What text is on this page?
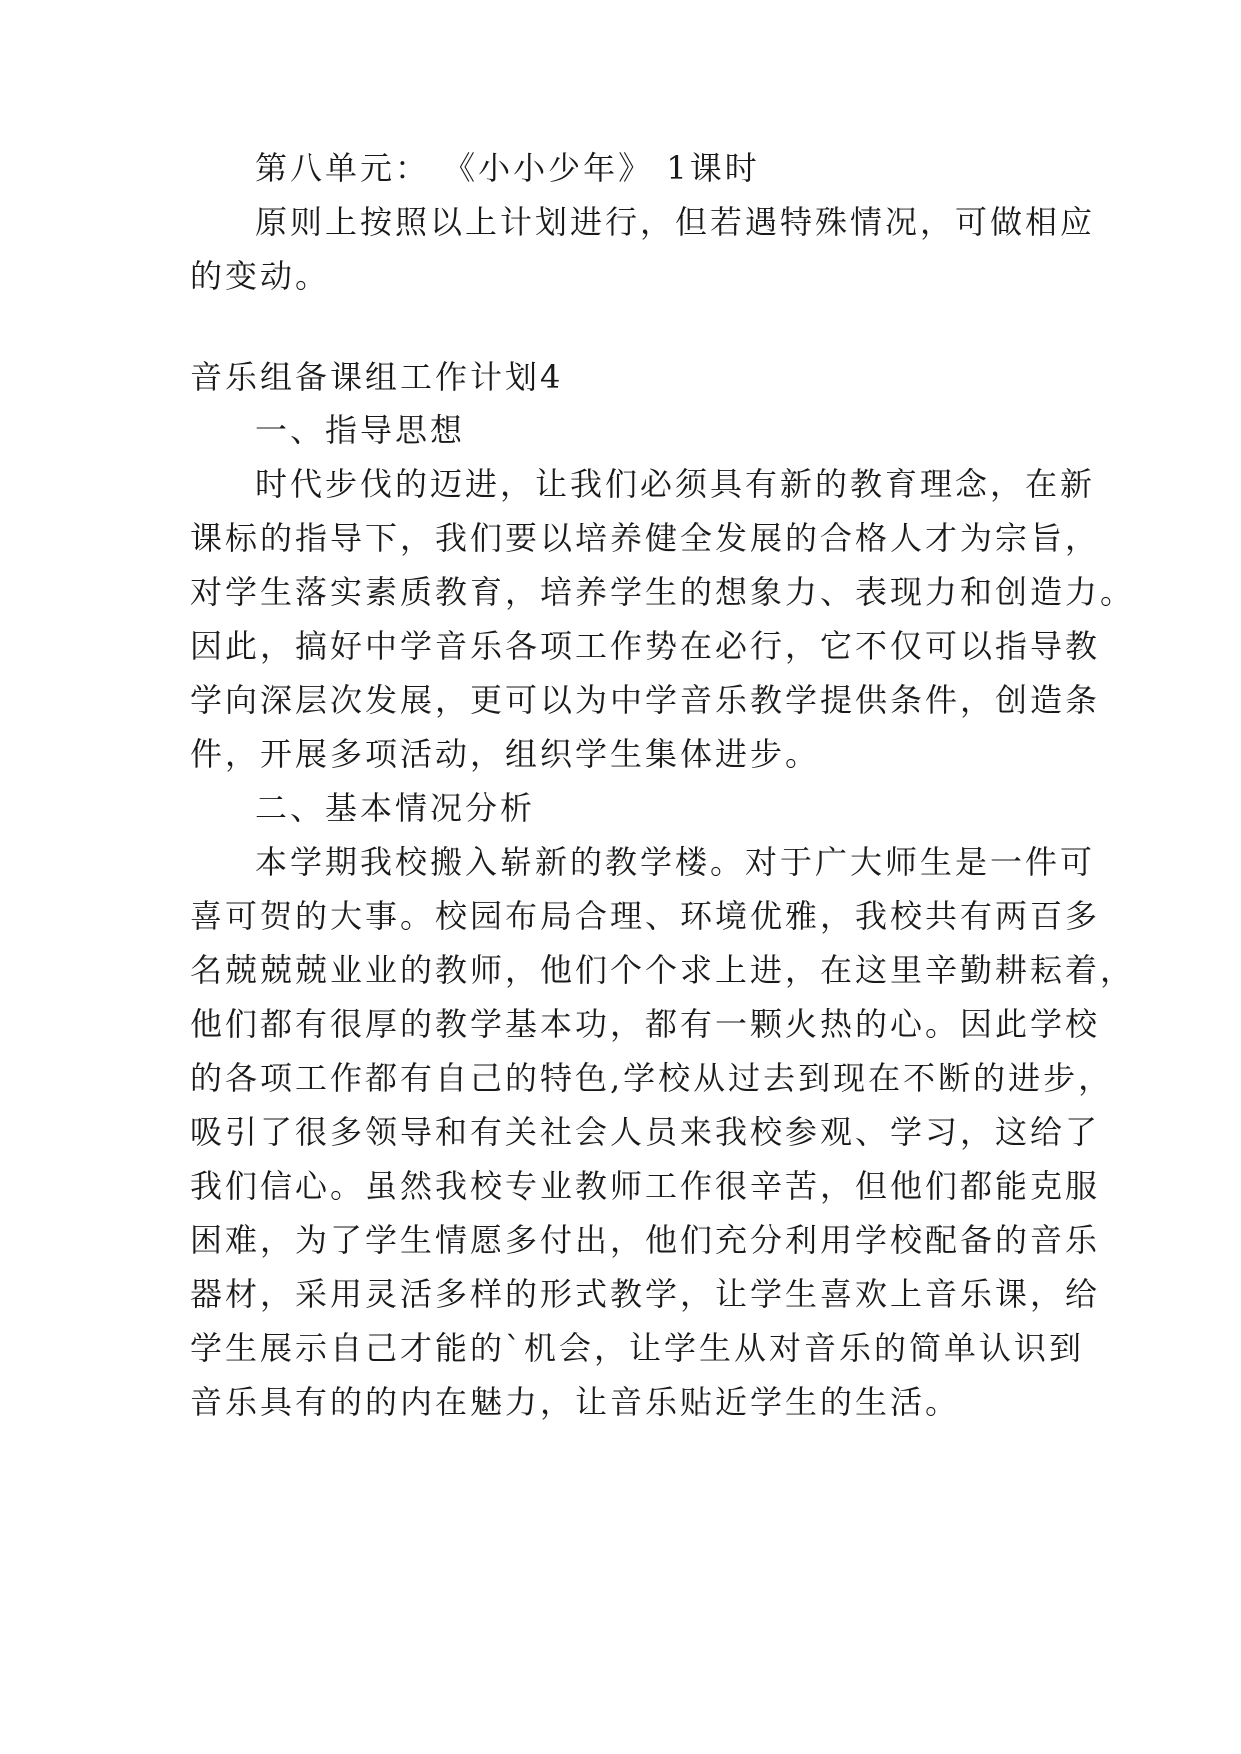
第八单元： 《小小少年》 1课时
原则上按照以上计划进行，但若遇特殊情况，可做相应
的变动。
音乐组备课组工作计划4
一、指导思想
时代步伐的迈进，让我们必须具有新的教育理念，在新
课标的指导下，我们要以培养健全发展的合格人才为宗旨，
对学生落实素质教育，培养学生的想象力、表现力和创造力。
因此，搞好中学音乐各项工作势在必行，它不仅可以指导教
学向深层次发展，更可以为中学音乐教学提供条件，创造条
件，开展多项活动，组织学生集体进步。
二、基本情况分析
本学期我校搬入崭新的教学楼。对于广大师生是一件可
喜可贺的大事。校园布局合理、环境优雅，我校共有两百多
名兢兢兢业业的教师，他们个个求上进，在这里辛勤耕耘着，
他们都有很厚的教学基本功，都有一颗火热的心。因此学校
的各项工作都有自己的特色,学校从过去到现在不断的进步，
吸引了很多领导和有关社会人员来我校参观、学习，这给了
我们信心。虽然我校专业教师工作很辛苦，但他们都能克服
困难，为了学生情愿多付出，他们充分利用学校配备的音乐
器材，采用灵活多样的形式教学，让学生喜欢上音乐课，给
学生展示自己才能的`机会，让学生从对音乐的简单认识到
音乐具有的的内在魅力，让音乐贴近学生的生活。
